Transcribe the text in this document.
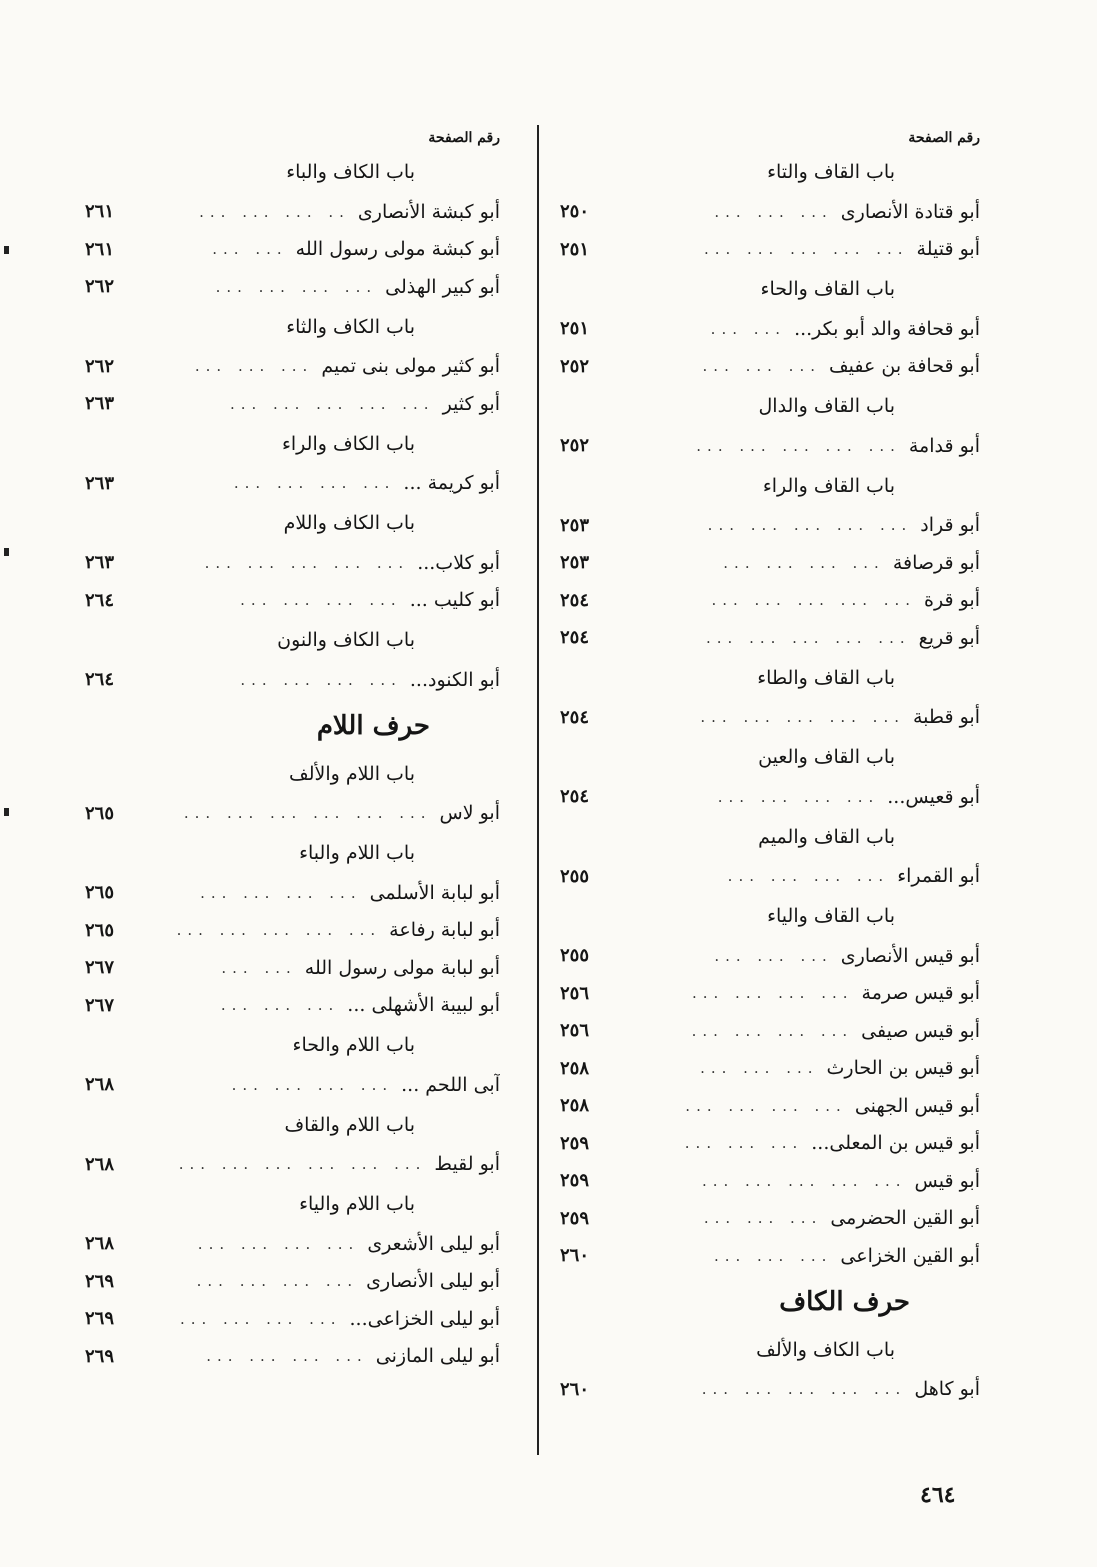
رقم الصفحة
باب القاف والتاء
أبو قتادة الأنصارى
... ... ...
٢٥٠
أبو قتيلة
... ... ... ... ...
٢٥١
باب القاف والحاء
أبو قحافة والد أبو بكر...
... ...
٢٥١
أبو قحافة بن عفيف
... ... ...
٢٥٢
باب القاف والدال
أبو قدامة
... ... ... ... ...
٢٥٢
باب القاف والراء
أبو قراد
... ... ... ... ...
٢٥٣
أبو قرصافة
... ... ... ...
٢٥٣
أبو قرة
... ... ... ... ...
٢٥٤
أبو قريع
... ... ... ... ...
٢٥٤
باب القاف والطاء
أبو قطبة
... ... ... ... ...
٢٥٤
باب القاف والعين
أبو قعيس...
... ... ... ...
٢٥٤
باب القاف والميم
أبو القمراء
... ... ... ...
٢٥٥
باب القاف والياء
أبو قيس الأنصارى
... ... ...
٢٥٥
أبو قيس صرمة
... ... ... ...
٢٥٦
أبو قيس صيفى
... ... ... ...
٢٥٦
أبو قيس بن الحارث
... ... ...
٢٥٨
أبو قيس الجهنى
... ... ... ...
٢٥٨
أبو قيس بن المعلى...
... ... ...
٢٥٩
أبو قيس
... ... ... ... ...
٢٥٩
أبو القين الحضرمى
... ... ...
٢٥٩
أبو القين الخزاعى
... ... ...
٢٦٠
حرف الكاف
باب الكاف والألف
أبو كاهل
... ... ... ... ...
٢٦٠
رقم الصفحة
باب الكاف والباء
أبو كبشة الأنصارى
.. ... ... ...
٢٦١
أبو كبشة مولى رسول الله
... ...
٢٦١
أبو كبير الهذلى
... ... ... ...
٢٦٢
باب الكاف والثاء
أبو كثير مولى بنى تميم
... ... ...
٢٦٢
أبو كثير
... ... ... ... ...
٢٦٣
باب الكاف والراء
أبو كريمة ...
... ... ... ...
٢٦٣
باب الكاف واللام
أبو كلاب...
... ... ... ... ...
٢٦٣
أبو كليب ...
... ... ... ...
٢٦٤
باب الكاف والنون
أبو الكنود...
... ... ... ...
٢٦٤
حرف اللام
باب اللام والألف
أبو لاس
... ... ... ... ... ...
٢٦٥
باب اللام والباء
أبو لبابة الأسلمى
... ... ... ...
٢٦٥
أبو لبابة رفاعة
... ... ... ... ...
٢٦٥
أبو لبابة مولى رسول الله
... ...
٢٦٧
أبو لبيبة الأشهلى ...
... ... ...
٢٦٧
باب اللام والحاء
آبى اللحم ...
... ... ... ...
٢٦٨
باب اللام والقاف
أبو لقيط
... ... ... ... ... ...
٢٦٨
باب اللام والياء
أبو ليلى الأشعرى
... ... ... ...
٢٦٨
أبو ليلى الأنصارى
... ... ... ...
٢٦٩
أبو ليلى الخزاعى...
... ... ... ...
٢٦٩
أبو ليلى المازنى
... ... ... ...
٢٦٩
٤٦٤
